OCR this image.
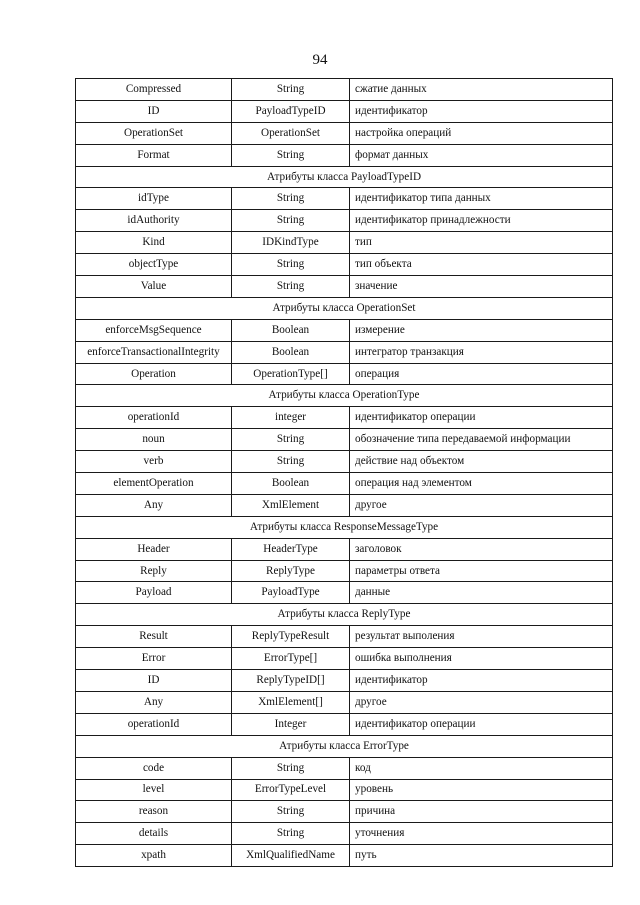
94
Compressed	String	сжатие данных
ID	PayloadTypeID	идентификатор
OperationSet	OperationSet	настройка операций
Format	String	формат данных
Атрибуты класса PayloadTypeID		
idType	String	идентификатор типа данных
idAuthority	String	идентификатор принадлежности
Kind	IDKindType	тип
objectType	String	тип объекта
Value	String	значение
Атрибуты класса OperationSet		
enforceMsgSequence	Boolean	измерение
enforceTransactionalIntegrity	Boolean	интегратор транзакция
Operation	OperationType[]	операция
Атрибуты класса OperationType		
operationId	integer	идентификатор операции
noun	String	обозначение типа передаваемой информации
verb	String	действие над объектом
elementOperation	Boolean	операция над элементом
Any	XmlElement	другое
Атрибуты класса ResponseMessageType		
Header	HeaderType	заголовок
Reply	ReplyType	параметры ответа
Payload	PayloadType	данные
Атрибуты класса ReplyType		
Result	ReplyTypeResult	результат выполения
Error	ErrorType[]	ошибка выполнения
ID	ReplyTypeID[]	идентификатор
Any	XmlElement[]	другое
operationId	Integer	идентификатор операции
Атрибуты класса ErrorType		
code	String	код
level	ErrorTypeLevel	уровень
reason	String	причина
details	String	уточнения
xpath	XmlQualifiedName	путь
